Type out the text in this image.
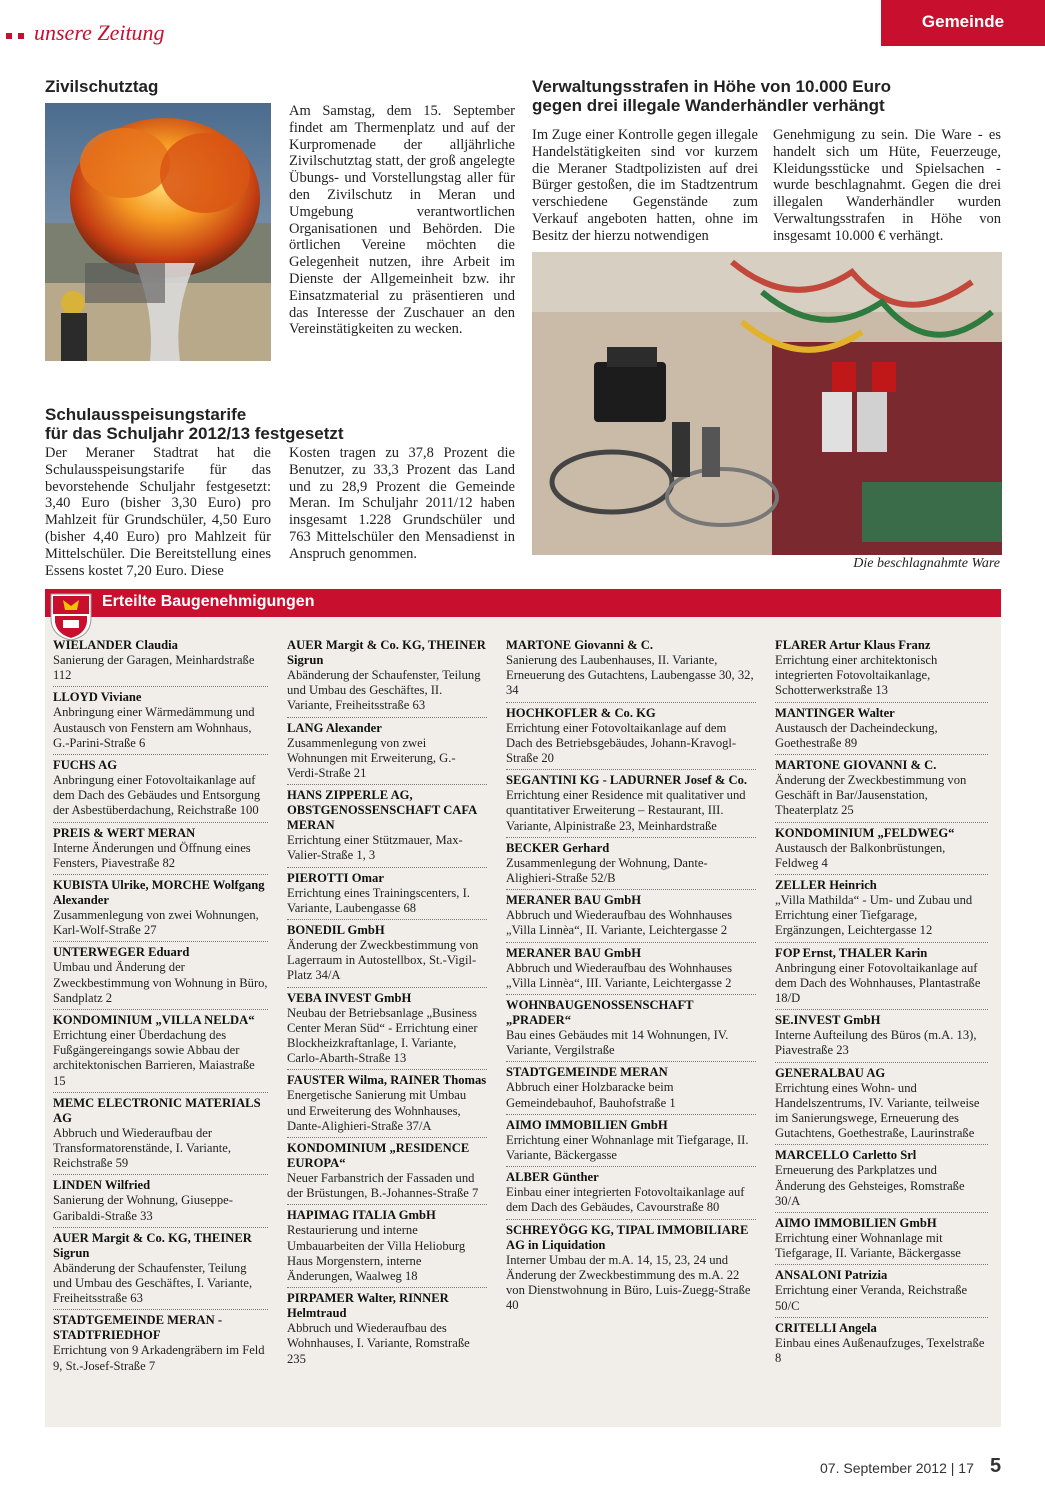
unsere Zeitung	Gemeinde
Zivilschutztag
Am Samstag, dem 15. September findet am Thermenplatz und auf der Kurpromenade der alljährliche Zivilschutztag statt, der groß angelegte Übungs- und Vorstellungstag aller für den Zivilschutz in Meran und Umgebung verantwortlichen Organisationen und Behörden. Die örtlichen Vereine möchten die Gelegenheit nutzen, ihre Arbeit im Dienste der Allgemeinheit bzw. ihr Einsatzmaterial zu präsentieren und das Interesse der Zuschauer an den Vereinstätigkeiten zu wecken.
Verwaltungsstrafen in Höhe von 10.000 Euro
gegen drei illegale Wanderhändler verhängt
Im Zuge einer Kontrolle gegen illegale Handelstätigkeiten sind vor kurzem die Meraner Stadtpolizisten auf drei Bürger gestoßen, die im Stadtzentrum verschiedene Gegenstände zum Verkauf angeboten hatten, ohne im Besitz der hierzu notwendigen
Genehmigung zu sein. Die Ware - es handelt sich um Hüte, Feuerzeuge, Kleidungsstücke und Spielsachen - wurde beschlagnahmt. Gegen die drei illegalen Wanderhändler wurden Verwaltungsstrafen in Höhe von insgesamt 10.000 € verhängt.
Die beschlagnahmte Ware
Schulausspeisungstarife
für das Schuljahr 2012/13 festgesetzt
Der Meraner Stadtrat hat die Schulausspeisungstarife für das bevorstehende Schuljahr festgesetzt: 3,40 Euro (bisher 3,30 Euro) pro Mahlzeit für Grundschüler, 4,50 Euro (bisher 4,40 Euro) pro Mahlzeit für Mittelschüler. Die Bereitstellung eines Essens kostet 7,20 Euro. Diese
Kosten tragen zu 37,8 Prozent die Benutzer, zu 33,3 Prozent das Land und zu 28,9 Prozent die Gemeinde Meran. Im Schuljahr 2011/12 haben insgesamt 1.228 Grundschüler und 763 Mittelschüler den Mensadienst in Anspruch genommen.
Erteilte Baugenehmigungen
WIELANDER Claudia
Sanierung der Garagen, Meinhardstraße 112
LLOYD Viviane
Anbringung einer Wärmedämmung und Austausch von Fenstern am Wohnhaus, G.-Parini-Straße 6
FUCHS AG
Anbringung einer Fotovoltaikanlage auf dem Dach des Gebäudes und Entsorgung der Asbestüberdachung, Reichstraße 100
PREIS & WERT MERAN
Interne Änderungen und Öffnung eines Fensters, Piavestraße 82
KUBISTA Ulrike, MORCHE Wolfgang Alexander
Zusammenlegung von zwei Wohnungen, Karl-Wolf-Straße 27
UNTERWEGER Eduard
Umbau und Änderung der Zweckbestimmung von Wohnung in Büro, Sandplatz 2
KONDOMINIUM „VILLA NELDA“
Errichtung einer Überdachung des Fußgängereingangs sowie Abbau der architektonischen Barrieren, Maiastraße 15
MEMC ELECTRONIC MATERIALS AG
Abbruch und Wiederaufbau der Transformatorenstände, I. Variante, Reichstraße 59
LINDEN Wilfried
Sanierung der Wohnung, Giuseppe-Garibaldi-Straße 33
AUER Margit & Co. KG, THEINER Sigrun
Abänderung der Schaufenster, Teilung und Umbau des Geschäftes, I. Variante, Freiheitsstraße 63
STADTGEMEINDE MERAN - STADTFRIEDHOF
Errichtung von 9 Arkadengräbern im Feld 9, St.-Josef-Straße 7
AUER Margit & Co. KG, THEINER Sigrun
Abänderung der Schaufenster, Teilung und Umbau des Geschäftes, II. Variante, Freiheitsstraße 63
LANG Alexander
Zusammenlegung von zwei Wohnungen mit Erweiterung, G.-Verdi-Straße 21
HANS ZIPPERLE AG, OBSTGENOSSENSCHAFT CAFA MERAN
Errichtung einer Stützmauer, Max-Valier-Straße 1, 3
PIEROTTI Omar
Errichtung eines Trainingscenters, I. Variante, Laubengasse 68
BONEDIL GmbH
Änderung der Zweckbestimmung von Lagerraum in Autostellbox, St.-Vigil-Platz 34/A
VEBA INVEST GmbH
Neubau der Betriebsanlage „Business Center Meran Süd“ - Errichtung einer Blockheizkraftanlage, I. Variante, Carlo-Abarth-Straße 13
FAUSTER Wilma, RAINER Thomas
Energetische Sanierung mit Umbau und Erweiterung des Wohnhauses, Dante-Alighieri-Straße 37/A
KONDOMINIUM „RESIDENCE EUROPA“
Neuer Farbanstrich der Fassaden und der Brüstungen, B.-Johannes-Straße 7
HAPIMAG ITALIA GmbH
Restaurierung und interne Umbauarbeiten der Villa Helioburg Haus Morgenstern, interne Änderungen, Waalweg 18
PIRPAMER Walter, RINNER Helmtraud
Abbruch und Wiederaufbau des Wohnhauses, I. Variante, Romstraße 235
MARTONE Giovanni & C.
Sanierung des Laubenhauses, II. Variante, Erneuerung des Gutachtens, Laubengasse 30, 32, 34
HOCHKOFLER & Co. KG
Errichtung einer Fotovoltaikanlage auf dem Dach des Betriebsgebäudes, Johann-Kravogl-Straße 20
SEGANTINI KG - LADURNER Josef & Co.
Errichtung einer Residence mit qualitativer und quantitativer Erweiterung – Restaurant, III. Variante, Alpinistraße 23, Meinhardstraße
BECKER Gerhard
Zusammenlegung der Wohnung, Dante-Alighieri-Straße 52/B
MERANER BAU GmbH
Abbruch und Wiederaufbau des Wohnhauses „Villa Linnèa“, II. Variante, Leichtergasse 2
MERANER BAU GmbH
Abbruch und Wiederaufbau des Wohnhauses „Villa Linnèa“, III. Variante, Leichtergasse 2
WOHNBAUGENOSSENSCHAFT „PRADER“
Bau eines Gebäudes mit 14 Wohnungen, IV. Variante, Vergilstraße
STADTGEMEINDE MERAN
Abbruch einer Holzbaracke beim Gemeindebauhof, Bauhofstraße 1
AIMO IMMOBILIEN GmbH
Errichtung einer Wohnanlage mit Tiefgarage, II. Variante, Bäckergasse
ALBER Günther
Einbau einer integrierten Fotovoltaikanlage auf dem Dach des Gebäudes, Cavourstraße 80
SCHREYÖGG KG, TIPAL IMMOBILIARE AG in Liquidation
Interner Umbau der m.A. 14, 15, 23, 24 und Änderung der Zweckbestimmung des m.A. 22 von Dienstwohnung in Büro, Luis-Zuegg-Straße 40
FLARER Artur Klaus Franz
Errichtung einer architektonisch integrierten Fotovoltaikanlage, Schotterwerkstraße 13
MANTINGER Walter
Austausch der Dacheindeckung, Goethestraße 89
MARTONE GIOVANNI & C.
Änderung der Zweckbestimmung von Geschäft in Bar/Jausenstation, Theaterplatz 25
KONDOMINIUM „FELDWEG“
Austausch der Balkonbrüstungen, Feldweg 4
ZELLER Heinrich
„Villa Mathilda“ - Um- und Zubau und Errichtung einer Tiefgarage, Ergänzungen, Leichtergasse 12
FOP Ernst, THALER Karin
Anbringung einer Fotovoltaikanlage auf dem Dach des Wohnhauses, Plantastraße 18/D
SE.INVEST GmbH
Interne Aufteilung des Büros (m.A. 13), Piavestraße 23
GENERALBAU AG
Errichtung eines Wohn- und Handelszentrums, IV. Variante, teilweise im Sanierungswege, Erneuerung des Gutachtens, Goethestraße, Laurinstraße
MARCELLO Carletto Srl
Erneuerung des Parkplatzes und Änderung des Gehsteiges, Romstraße 30/A
AIMO IMMOBILIEN GmbH
Errichtung einer Wohnanlage mit Tiefgarage, II. Variante, Bäckergasse
ANSALONI Patrizia
Errichtung einer Veranda, Reichstraße 50/C
CRITELLI Angela
Einbau eines Außenaufzuges, Texelstraße 8
07. September 2012 | 17 5
